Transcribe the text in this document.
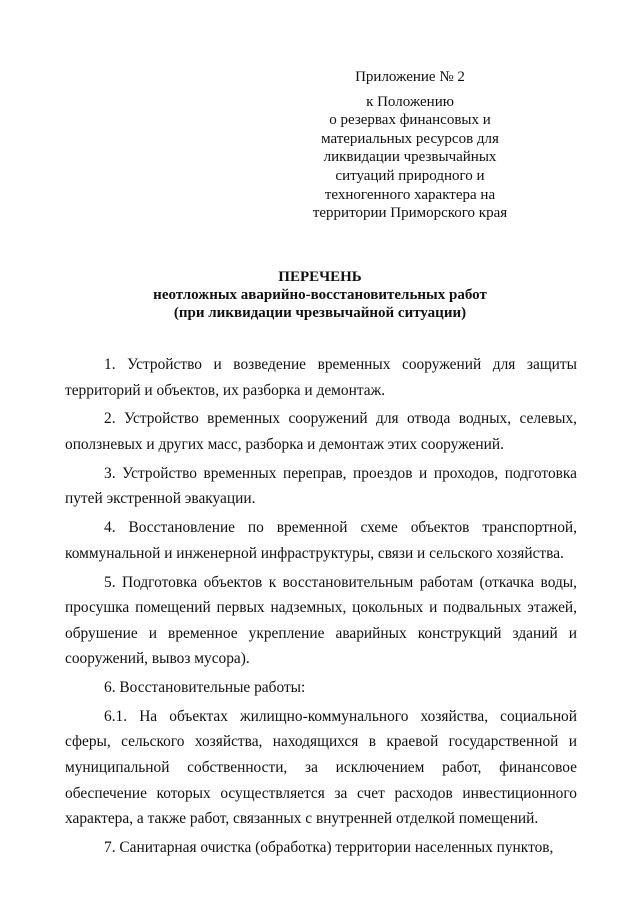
Приложение № 2
к Положению
о резервах финансовых и
материальных ресурсов для
ликвидации чрезвычайных
ситуаций природного и
техногенного характера на
территории Приморского края
ПЕРЕЧЕНЬ
неотложных аварийно-восстановительных работ
(при ликвидации чрезвычайной ситуации)

1. Устройство и возведение временных сооружений для защиты территорий и объектов, их разборка и демонтаж.

2. Устройство временных сооружений для отвода водных, селевых, оползневых и других масс, разборка и демонтаж этих сооружений.

3. Устройство временных переправ, проездов и проходов, подготовка путей экстренной эвакуации.

4. Восстановление по временной схеме объектов транспортной, коммунальной и инженерной инфраструктуры, связи и сельского хозяйства.

5. Подготовка объектов к восстановительным работам (откачка воды, просушка помещений первых надземных, цокольных и подвальных этажей, обрушение и временное укрепление аварийных конструкций зданий и сооружений, вывоз мусора).

6. Восстановительные работы:

6.1. На объектах жилищно-коммунального хозяйства, социальной сферы, сельского хозяйства, находящихся в краевой государственной и муниципальной собственности, за исключением работ, финансовое обеспечение которых осуществляется за счет расходов инвестиционного характера, а также работ, связанных с внутренней отделкой помещений.

7. Санитарная очистка (обработка) территории населенных пунктов,
